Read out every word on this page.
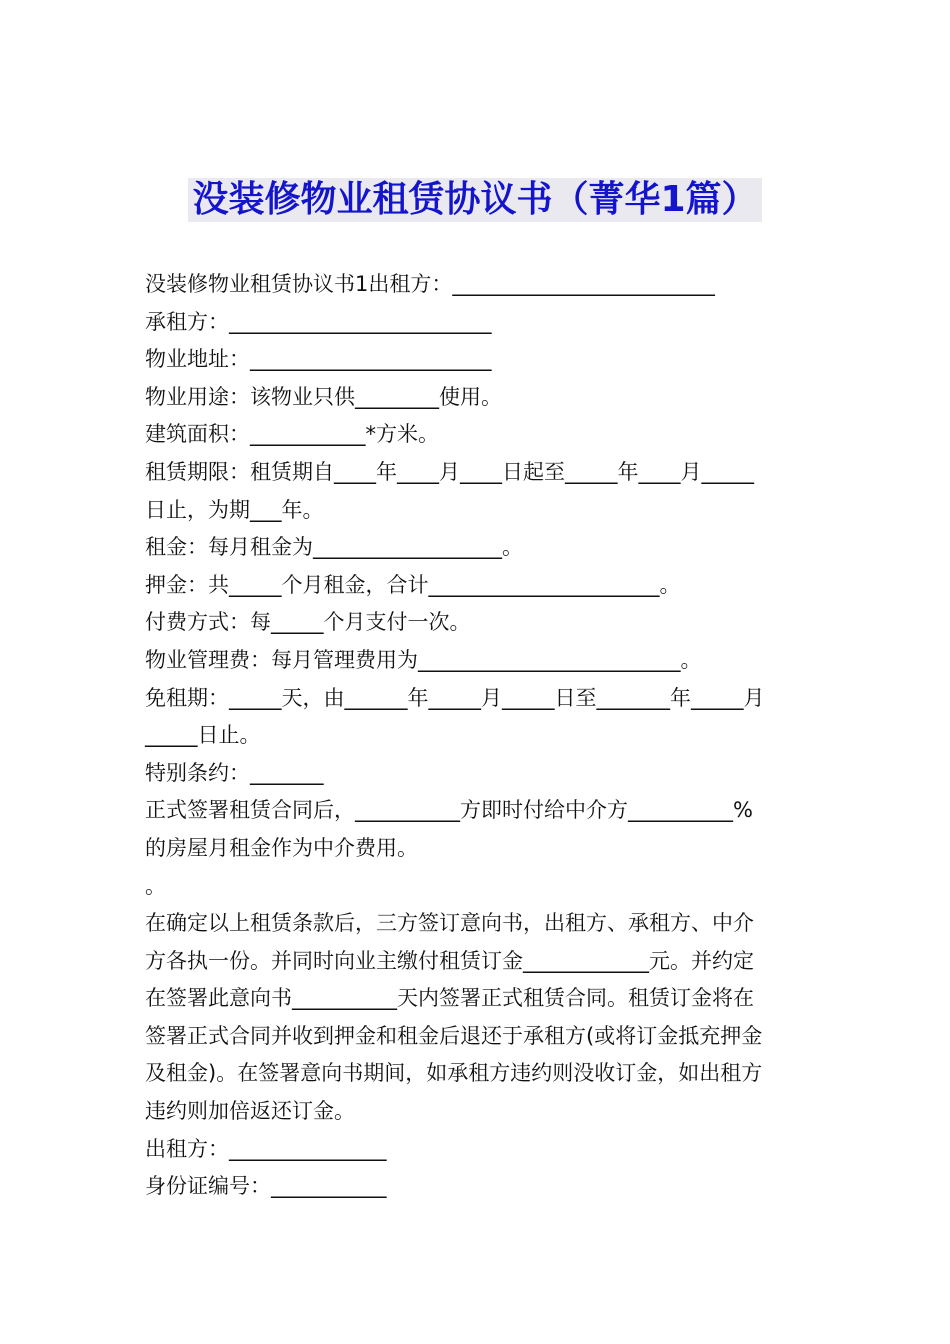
没装修物业租赁协议书（菁华1篇）
没装修物业租赁协议书1出租方：_________________________
承租方：_________________________
物业地址：_______________________
物业用途：该物业只供________使用。
建筑面积：___________*方米。
租赁期限：租赁期自____年____月____日起至_____年____月_____
日止，为期___年。
租金：每月租金为__________________。
押金：共_____个月租金，合计______________________。
付费方式：每_____个月支付一次。
物业管理费：每月管理费用为_________________________。
免租期：_____天，由______年_____月_____日至_______年_____月
_____日止。
特别条约：_______
正式签署租赁合同后，__________方即时付给中介方__________%
的房屋月租金作为中介费用。
。
在确定以上租赁条款后，三方签订意向书，出租方、承租方、中介
方各执一份。并同时向业主缴付租赁订金____________元。并约定
在签署此意向书__________天内签署正式租赁合同。租赁订金将在
签署正式合同并收到押金和租金后退还于承租方(或将订金抵充押金
及租金)。在签署意向书期间，如承租方违约则没收订金，如出租方
违约则加倍返还订金。
出租方：_______________
身份证编号：___________
